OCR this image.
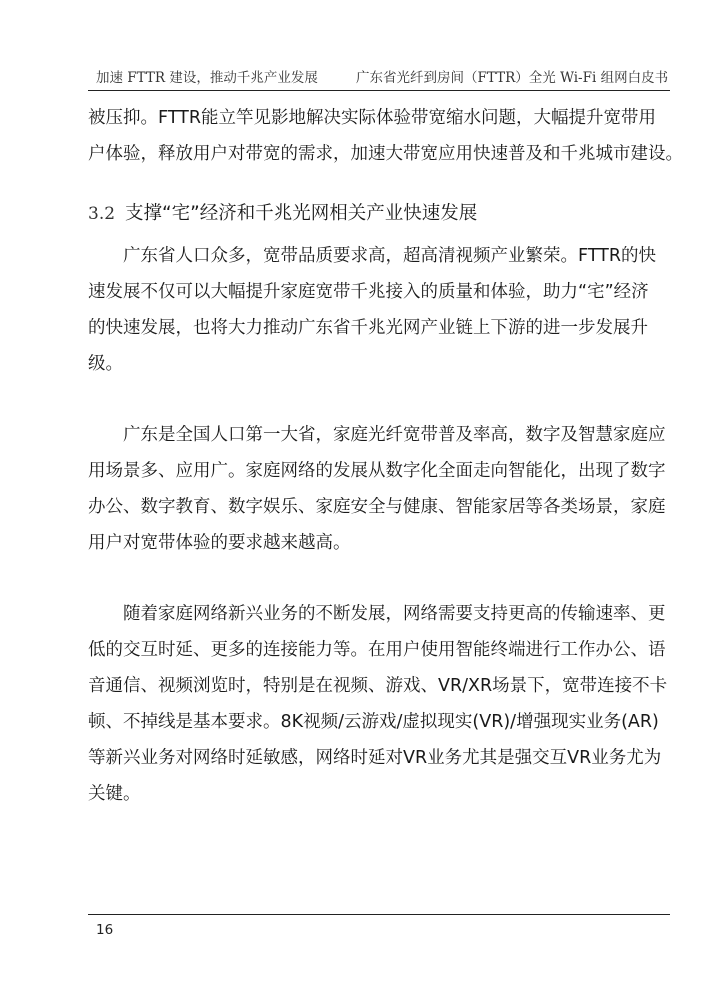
加速 FTTR 建设，推动千兆产业发展	广东省光纤到房间（FTTR）全光 Wi-Fi 组网白皮书
被压抑。FTTR能立竿见影地解决实际体验带宽缩水问题，大幅提升宽带用
户体验，释放用户对带宽的需求，加速大带宽应用快速普及和千兆城市建设。
3.2 支撑“宅”经济和千兆光网相关产业快速发展
广东省人口众多，宽带品质要求高，超高清视频产业繁荣。FTTR的快
速发展不仅可以大幅提升家庭宽带千兆接入的质量和体验，助力“宅”经济
的快速发展，也将大力推动广东省千兆光网产业链上下游的进一步发展升
级。
广东是全国人口第一大省，家庭光纤宽带普及率高，数字及智慧家庭应
用场景多、应用广。家庭网络的发展从数字化全面走向智能化，出现了数字
办公、数字教育、数字娱乐、家庭安全与健康、智能家居等各类场景，家庭
用户对宽带体验的要求越来越高。
随着家庭网络新兴业务的不断发展，网络需要支持更高的传输速率、更
低的交互时延、更多的连接能力等。在用户使用智能终端进行工作办公、语
音通信、视频浏览时，特别是在视频、游戏、VR/XR场景下，宽带连接不卡
顿、不掉线是基本要求。8K视频/云游戏/虚拟现实(VR)/增强现实业务(AR)
等新兴业务对网络时延敏感，网络时延对VR业务尤其是强交互VR业务尤为
关键。
16
